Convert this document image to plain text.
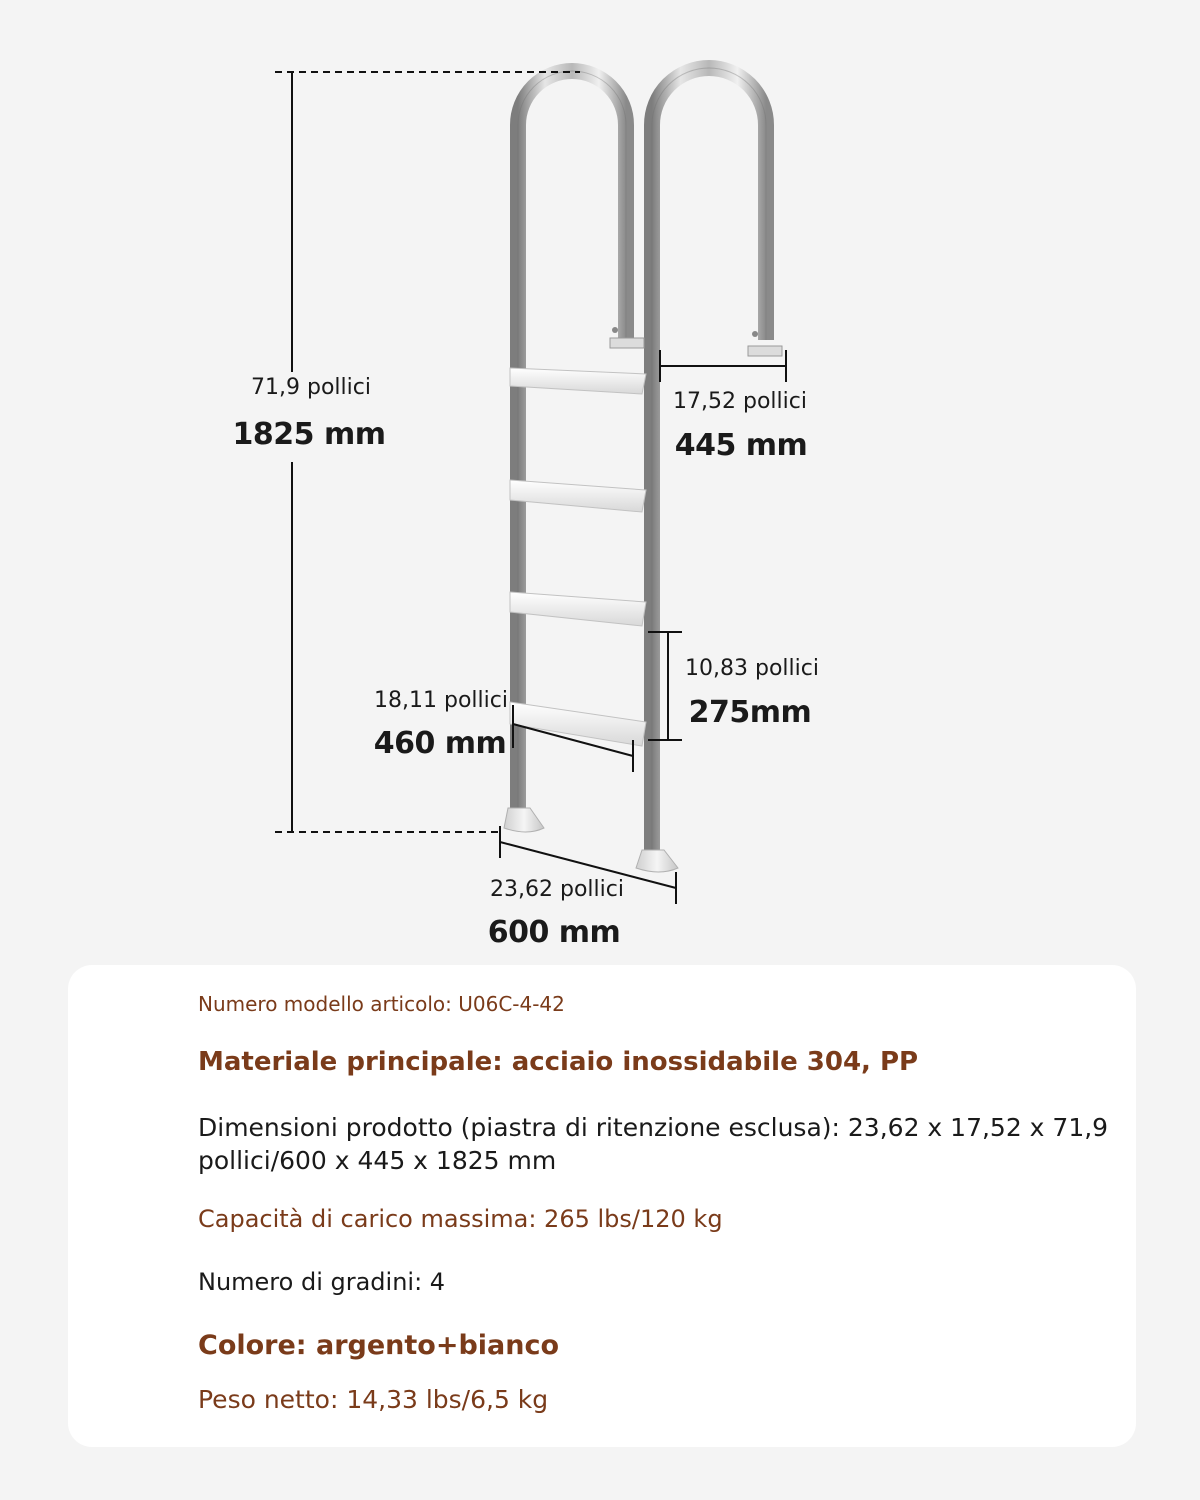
71,9 pollici
1825 mm
17,52 pollici
445 mm
10,83 pollici
275mm
18,11 pollici
460 mm
23,62 pollici
600 mm

Numero modello articolo: U06C-4-42

Materiale principale: acciaio inossidabile 304, PP

Dimensioni prodotto (piastra di ritenzione esclusa): 23,62 x 17,52 x 71,9

pollici/600 x 445 x 1825 mm

Capacità di carico massima: 265 lbs/120 kg

Numero di gradini: 4

Colore: argento+bianco

Peso netto: 14,33 lbs/6,5 kg
